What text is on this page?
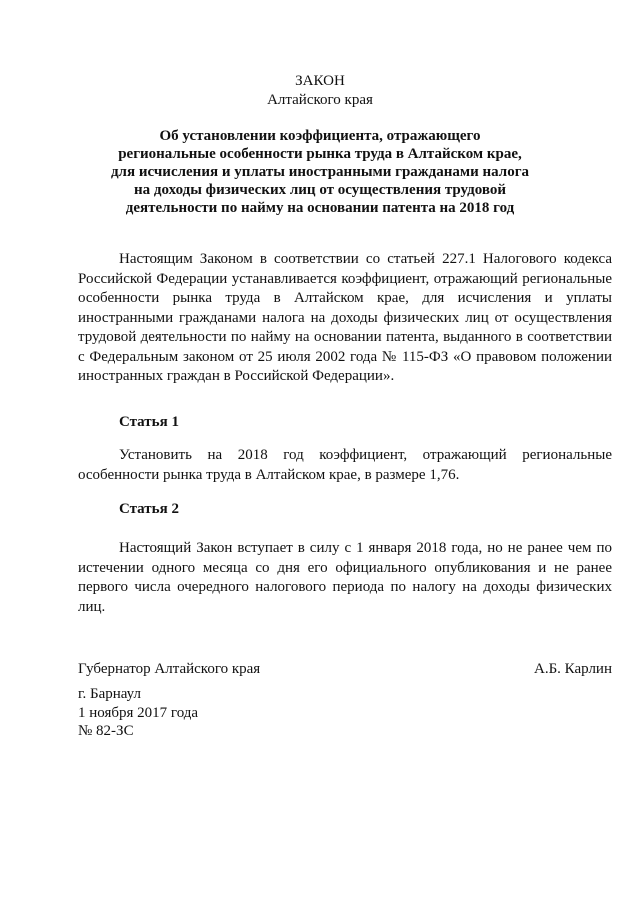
ЗАКОН
Алтайского края

Об установлении коэффициента, отражающего региональные особенности рынка труда в Алтайском крае, для исчисления и уплаты иностранными гражданами налога на доходы физических лиц от осуществления трудовой деятельности по найму на основании патента на 2018 год

Настоящим Законом в соответствии со статьей 227.1 Налогового кодекса Российской Федерации устанавливается коэффициент, отражающий региональные особенности рынка труда в Алтайском крае, для исчисления и уплаты иностранными гражданами налога на доходы физических лиц от осуществления трудовой деятельности по найму на основании патента, выданного в соответствии с Федеральным законом от 25 июля 2002 года № 115-ФЗ «О правовом положении иностранных граждан в Российской Федерации».

Статья 1

Установить на 2018 год коэффициент, отражающий региональные особенности рынка труда в Алтайском крае, в размере 1,76.

Статья 2

Настоящий Закон вступает в силу с 1 января 2018 года, но не ранее чем по истечении одного месяца со дня его официального опубликования и не ранее первого числа очередного налогового периода по налогу на доходы физических лиц.

Губернатор Алтайского края	А.Б. Карлин
г. Барнаул
1 ноября 2017 года
№ 82-ЗС
